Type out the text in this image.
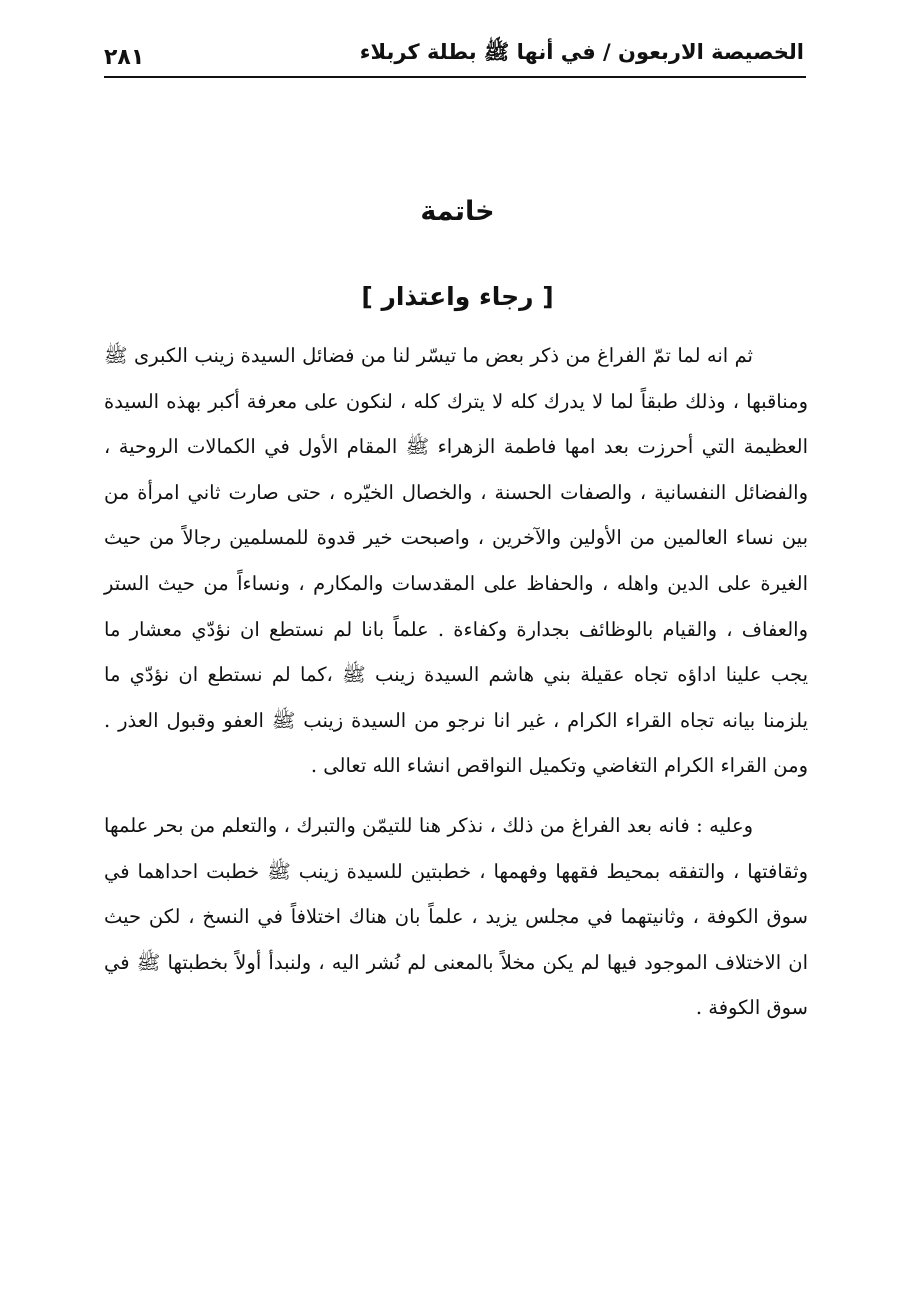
الخصيصة الاربعون / في أنها ﷺ بطلة كربلاء
٢٨١
خاتمة
[ رجاء واعتذار ]

ثم انه لما تمّ الفراغ من ذكر بعض ما تيسّر لنا من فضائل السيدة زينب الكبرى ﷺ ومناقبها ، وذلك طبقاً لما لا يدرك كله لا يترك كله ، لنكون على معرفة أكبر بهذه السيدة العظيمة التي أحرزت بعد امها فاطمة الزهراء ﷺ المقام الأول في الكمالات الروحية ، والفضائل النفسانية ، والصفات الحسنة ، والخصال الخيّره ، حتى صارت ثاني امرأة من بين نساء العالمين من الأولين والآخرين ، واصبحت خير قدوة للمسلمين رجالاً من حيث الغيرة على الدين واهله ، والحفاظ على المقدسات والمكارم ، ونساءاً من حيث الستر والعفاف ، والقيام بالوظائف بجدارة وكفاءة . علماً بانا لم نستطع ان نؤدّي معشار ما يجب علينا اداؤه تجاه عقيلة بني هاشم السيدة زينب ﷺ ،كما لم نستطع ان نؤدّي ما يلزمنا بيانه تجاه القراء الكرام ، غير انا نرجو من السيدة زينب ﷺ العفو وقبول العذر . ومن القراء الكرام التغاضي وتكميل النواقص انشاء الله تعالى .

وعليه : فانه بعد الفراغ من ذلك ، نذكر هنا للتيمّن والتبرك ، والتعلم من بحر علمها وثقافتها ، والتفقه بمحيط فقهها وفهمها ، خطبتين للسيدة زينب ﷺ خطبت احداهما في سوق الكوفة ، وثانيتهما في مجلس يزيد ، علماً بان هناك اختلافاً في النسخ ، لكن حيث ان الاختلاف الموجود فيها لم يكن مخلاً بالمعنى لم نُشر اليه ، ولنبدأ أولاً بخطبتها ﷺ في سوق الكوفة .
